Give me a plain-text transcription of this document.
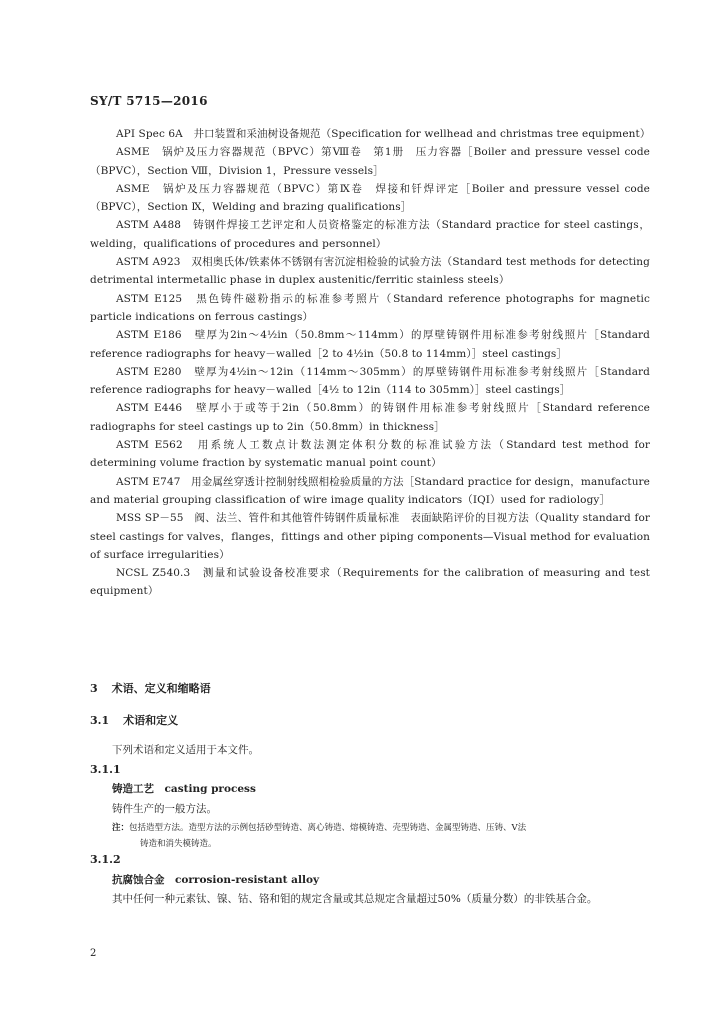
SY/T 5715—2016

API Spec 6A　井口装置和采油树设备规范（Specification for wellhead and christmas tree equipment）

ASME　锅炉及压力容器规范（BPVC）第Ⅷ卷　第1册　压力容器［Boiler and pressure vessel code（BPVC），Section Ⅷ，Division 1，Pressure vessels］

ASME　锅炉及压力容器规范（BPVC）第Ⅸ卷　焊接和钎焊评定［Boiler and pressure vessel code（BPVC），Section Ⅸ，Welding and brazing qualifications］

ASTM A488　铸钢件焊接工艺评定和人员资格鉴定的标准方法（Standard practice for steel castings，welding，qualifications of procedures and personnel）

ASTM A923　双相奥氏体/铁素体不锈钢有害沉淀相检验的试验方法（Standard test methods for detecting detrimental intermetallic phase in duplex austenitic/ferritic stainless steels）

ASTM E125　黑色铸件磁粉指示的标准参考照片（Standard reference photographs for magnetic particle indications on ferrous castings）

ASTM E186　壁厚为2in～4½in（50.8mm～114mm）的厚壁铸钢件用标准参考射线照片［Standard reference radiographs for heavy－walled［2 to 4½in（50.8 to 114mm）］steel castings］

ASTM E280　壁厚为4½in～12in（114mm～305mm）的厚壁铸钢件用标准参考射线照片［Standard reference radiographs for heavy－walled［4½ to 12in（114 to 305mm）］steel castings］

ASTM E446　壁厚小于或等于2in（50.8mm）的铸钢件用标准参考射线照片［Standard reference radiographs for steel castings up to 2in（50.8mm）in thickness］

ASTM E562　用系统人工数点计数法测定体积分数的标准试验方法（Standard test method for determining volume fraction by systematic manual point count）

ASTM E747　用金属丝穿透计控制射线照相检验质量的方法［Standard practice for design，manufacture and material grouping classification of wire image quality indicators（IQI）used for radiology］

MSS SP－55　阀、法兰、管件和其他管件铸钢件质量标准　表面缺陷评价的目视方法（Quality standard for steel castings for valves，flanges，fittings and other piping components—Visual method for evaluation of surface irregularities）

NCSL Z540.3　测量和试验设备校准要求（Requirements for the calibration of measuring and test equipment）

3 术语、定义和缩略语
3.1 术语和定义
下列术语和定义适用于本文件。
3.1.1
铸造工艺　casting process
铸件生产的一般方法。
注：包括造型方法。造型方法的示例包括砂型铸造、离心铸造、熔模铸造、壳型铸造、金属型铸造、压铸、V法
铸造和消失模铸造。
3.1.2
抗腐蚀合金　corrosion-resistant alloy
其中任何一种元素钛、镍、钴、铬和钼的规定含量或其总规定含量超过50%（质量分数）的非铁基合金。
2
